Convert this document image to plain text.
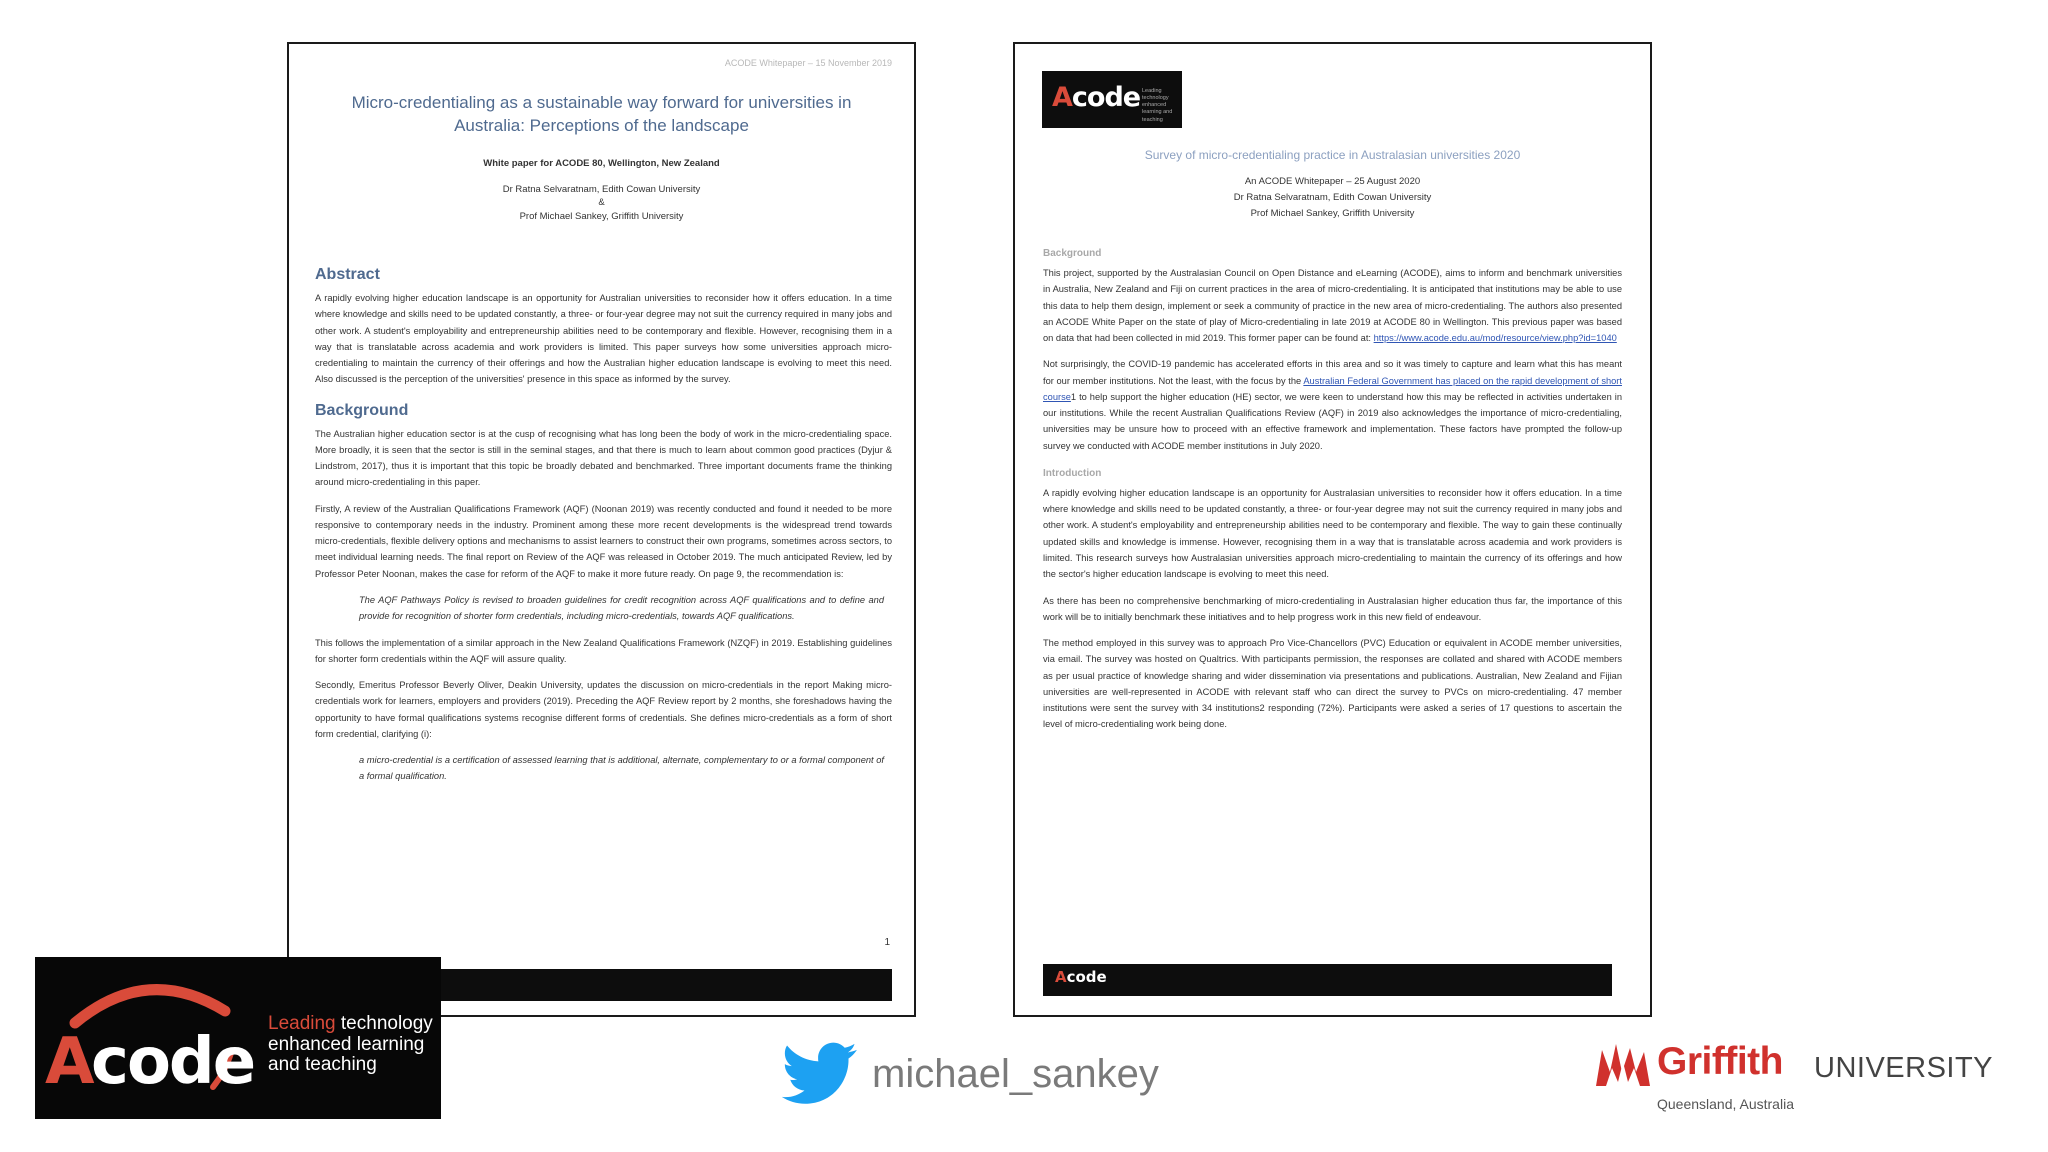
ACODE Whitepaper – 15 November 2019

Micro-credentialing as a sustainable way forward for universities in Australia: Perceptions of the landscape

White paper for ACODE 80, Wellington, New Zealand
Dr Ratna Selvaratnam, Edith Cowan University
&
Prof Michael Sankey, Griffith University
Abstract

A rapidly evolving higher education landscape is an opportunity for Australian universities to reconsider how it offers education. In a time where knowledge and skills need to be updated constantly, a three- or four-year degree may not suit the currency required in many jobs and other work. A student's employability and entrepreneurship abilities need to be contemporary and flexible. However, recognising them in a way that is translatable across academia and work providers is limited. This paper surveys how some universities approach micro-credentialing to maintain the currency of their offerings and how the Australian higher education landscape is evolving to meet this need. Also discussed is the perception of the universities' presence in this space as informed by the survey.

Background

The Australian higher education sector is at the cusp of recognising what has long been the body of work in the micro-credentialing space. More broadly, it is seen that the sector is still in the seminal stages, and that there is much to learn about common good practices (Dyjur & Lindstrom, 2017), thus it is important that this topic be broadly debated and benchmarked. Three important documents frame the thinking around micro-credentialing in this paper.

Firstly, A review of the Australian Qualifications Framework (AQF) (Noonan 2019) was recently conducted and found it needed to be more responsive to contemporary needs in the industry. Prominent among these more recent developments is the widespread trend towards micro-credentials, flexible delivery options and mechanisms to assist learners to construct their own programs, sometimes across sectors, to meet individual learning needs. The final report on Review of the AQF was released in October 2019. The much anticipated Review, led by Professor Peter Noonan, makes the case for reform of the AQF to make it more future ready. On page 9, the recommendation is:

The AQF Pathways Policy is revised to broaden guidelines for credit recognition across AQF qualifications and to define and provide for recognition of shorter form credentials, including micro-credentials, towards AQF qualifications.

This follows the implementation of a similar approach in the New Zealand Qualifications Framework (NZQF) in 2019. Establishing guidelines for shorter form credentials within the AQF will assure quality.

Secondly, Emeritus Professor Beverly Oliver, Deakin University, updates the discussion on micro-credentials in the report Making micro-credentials work for learners, employers and providers (2019). Preceding the AQF Review report by 2 months, she foreshadows having the opportunity to have formal qualifications systems recognise different forms of credentials. She defines micro-credentials as a form of short form credential, clarifying (i):

a micro-credential is a certification of assessed learning that is additional, alternate, complementary to or a formal component of a formal qualification.

1
Acode Leading technology enhanced learning and teaching

Survey of micro-credentialing practice in Australasian universities 2020

An ACODE Whitepaper – 25 August 2020
Dr Ratna Selvaratnam, Edith Cowan University
Prof Michael Sankey, Griffith University
Background

This project, supported by the Australasian Council on Open Distance and eLearning (ACODE), aims to inform and benchmark universities in Australia, New Zealand and Fiji on current practices in the area of micro-credentialing. It is anticipated that institutions may be able to use this data to help them design, implement or seek a community of practice in the new area of micro-credentialing. The authors also presented an ACODE White Paper on the state of play of Micro-credentialing in late 2019 at ACODE 80 in Wellington. This previous paper was based on data that had been collected in mid 2019. This former paper can be found at: https://www.acode.edu.au/mod/resource/view.php?id=1040

Not surprisingly, the COVID-19 pandemic has accelerated efforts in this area and so it was timely to capture and learn what this has meant for our member institutions. Not the least, with the focus by the Australian Federal Government has placed on the rapid development of short course1 to help support the higher education (HE) sector, we were keen to understand how this may be reflected in activities undertaken in our institutions. While the recent Australian Qualifications Review (AQF) in 2019 also acknowledges the importance of micro-credentialing, universities may be unsure how to proceed with an effective framework and implementation. These factors have prompted the follow-up survey we conducted with ACODE member institutions in July 2020.

Introduction

A rapidly evolving higher education landscape is an opportunity for Australasian universities to reconsider how it offers education. In a time where knowledge and skills need to be updated constantly, a three- or four-year degree may not suit the currency required in many jobs and other work. A student's employability and entrepreneurship abilities need to be contemporary and flexible. The way to gain these continually updated skills and knowledge is immense. However, recognising them in a way that is translatable across academia and work providers is limited. This research surveys how Australasian universities approach micro-credentialing to maintain the currency of its offerings and how the sector's higher education landscape is evolving to meet this need.

As there has been no comprehensive benchmarking of micro-credentialing in Australasian higher education thus far, the importance of this work will be to initially benchmark these initiatives and to help progress work in this new field of endeavour.

The method employed in this survey was to approach Pro Vice-Chancellors (PVC) Education or equivalent in ACODE member universities, via email. The survey was hosted on Qualtrics. With participants permission, the responses are collated and shared with ACODE members as per usual practice of knowledge sharing and wider dissemination via presentations and publications. Australian, New Zealand and Fijian universities are well-represented in ACODE with relevant staff who can direct the survey to PVCs on micro-credentialing. 47 member institutions were sent the survey with 34 institutions2 responding (72%). Participants were asked a series of 17 questions to ascertain the level of micro-credentialing work being done.

Acode
A
code
Leading technology
enhanced learning
and teaching	michael_sankey	Griffith UNIVERSITY
Queensland, Australia
